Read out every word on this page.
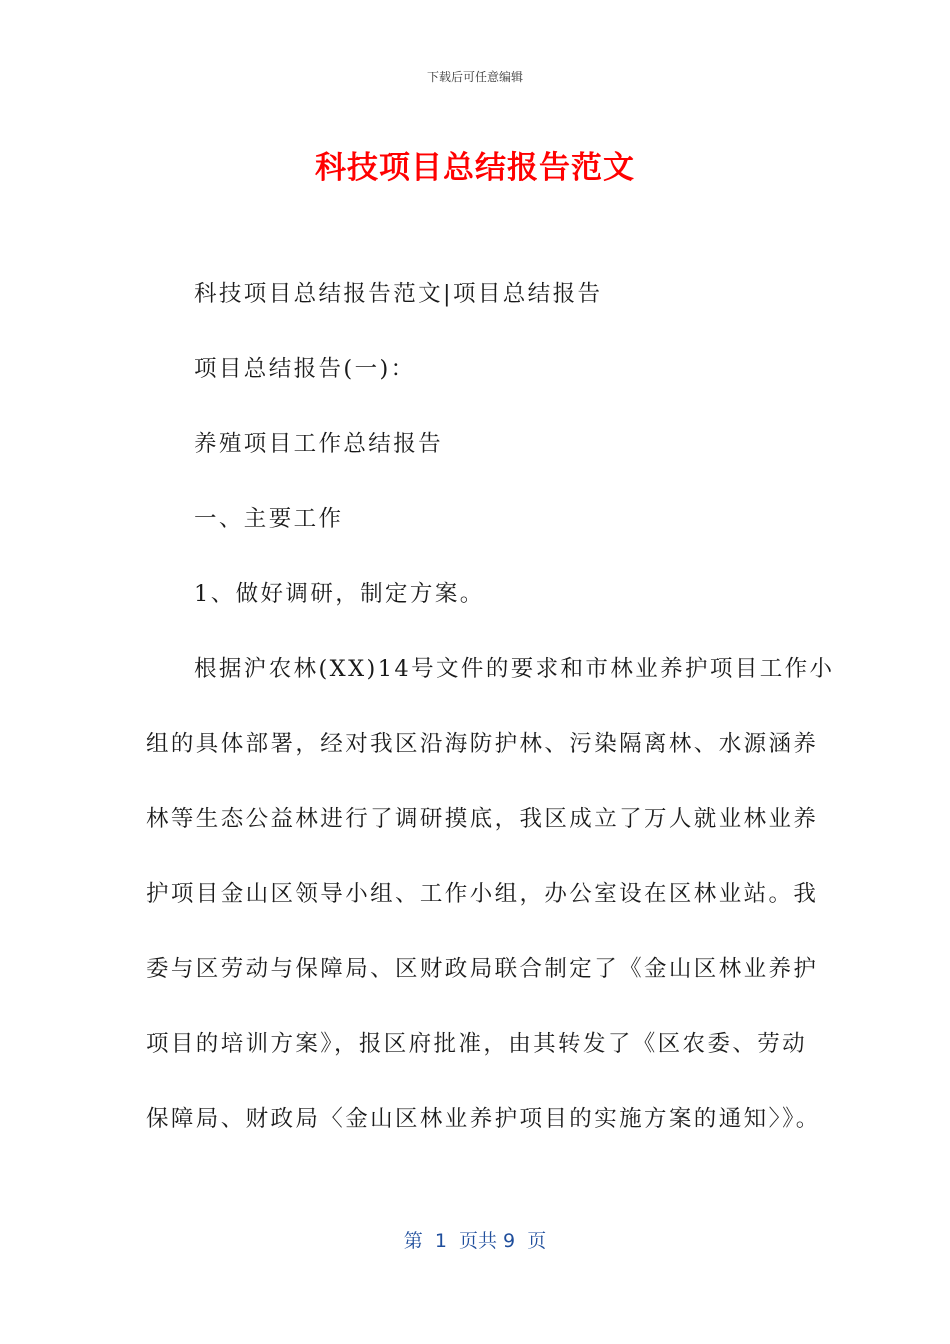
下载后可任意编辑
科技项目总结报告范文
科技项目总结报告范文|项目总结报告
项目总结报告(一)：
养殖项目工作总结报告
一、主要工作
1、做好调研，制定方案。
根据沪农林(XX)14号文件的要求和市林业养护项目工作小
组的具体部署，经对我区沿海防护林、污染隔离林、水源涵养
林等生态公益林进行了调研摸底，我区成立了万人就业林业养
护项目金山区领导小组、工作小组，办公室设在区林业站。我
委与区劳动与保障局、区财政局联合制定了《金山区林业养护
项目的培训方案》，报区府批准，由其转发了《区农委、劳动
保障局、财政局〈金山区林业养护项目的实施方案的通知〉》。
第  1  页共 9  页
